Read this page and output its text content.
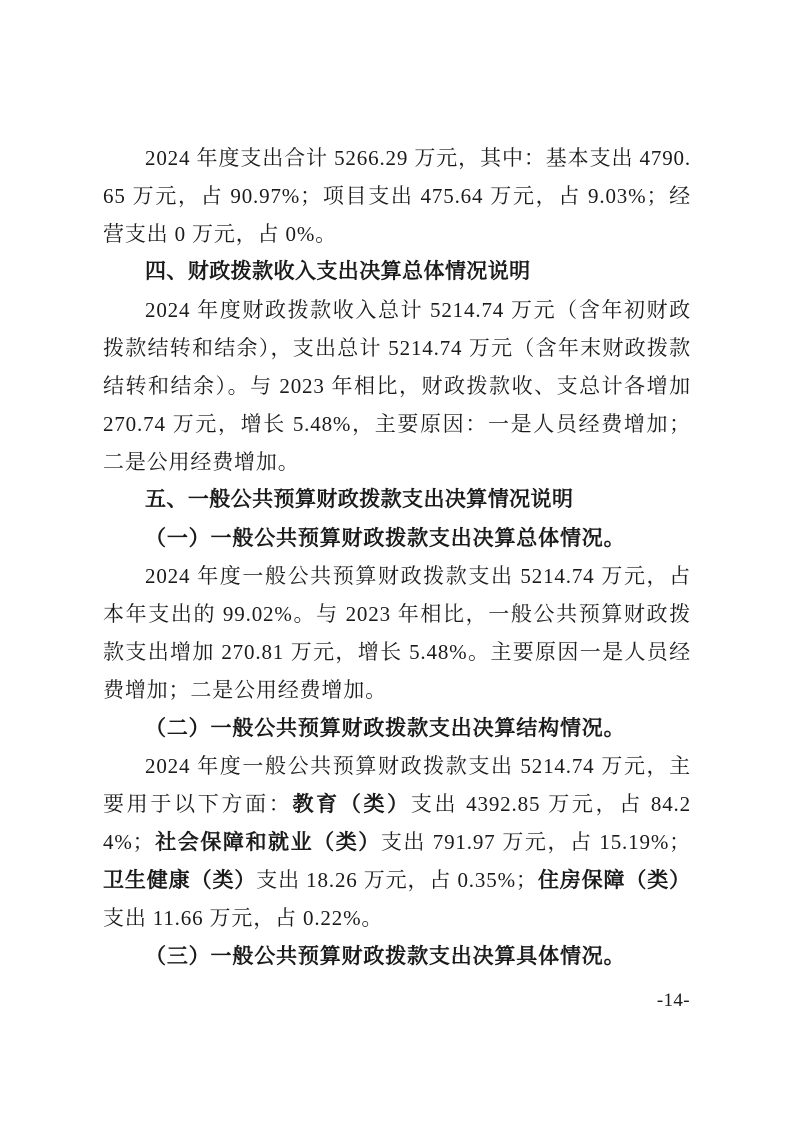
2024 年度支出合计 5266.29 万元，其中：基本支出 4790.65 万元，占 90.97%；项目支出 475.64 万元，占 9.03%；经营支出 0 万元，占 0%。

四、财政拨款收入支出决算总体情况说明

2024 年度财政拨款收入总计 5214.74 万元（含年初财政拨款结转和结余），支出总计 5214.74 万元（含年末财政拨款结转和结余）。与 2023 年相比，财政拨款收、支总计各增加 270.74 万元，增长 5.48%，主要原因：一是人员经费增加；二是公用经费增加。

五、一般公共预算财政拨款支出决算情况说明

（一）一般公共预算财政拨款支出决算总体情况。

2024 年度一般公共预算财政拨款支出 5214.74 万元，占本年支出的 99.02%。与 2023 年相比，一般公共预算财政拨款支出增加 270.81 万元，增长 5.48%。主要原因一是人员经费增加；二是公用经费增加。

（二）一般公共预算财政拨款支出决算结构情况。

2024 年度一般公共预算财政拨款支出 5214.74 万元，主要用于以下方面：教育（类）支出 4392.85 万元，占 84.24%；社会保障和就业（类）支出 791.97 万元，占 15.19%；卫生健康（类）支出 18.26 万元，占 0.35%；住房保障（类）支出 11.66 万元，占 0.22%。

（三）一般公共预算财政拨款支出决算具体情况。

-14-
